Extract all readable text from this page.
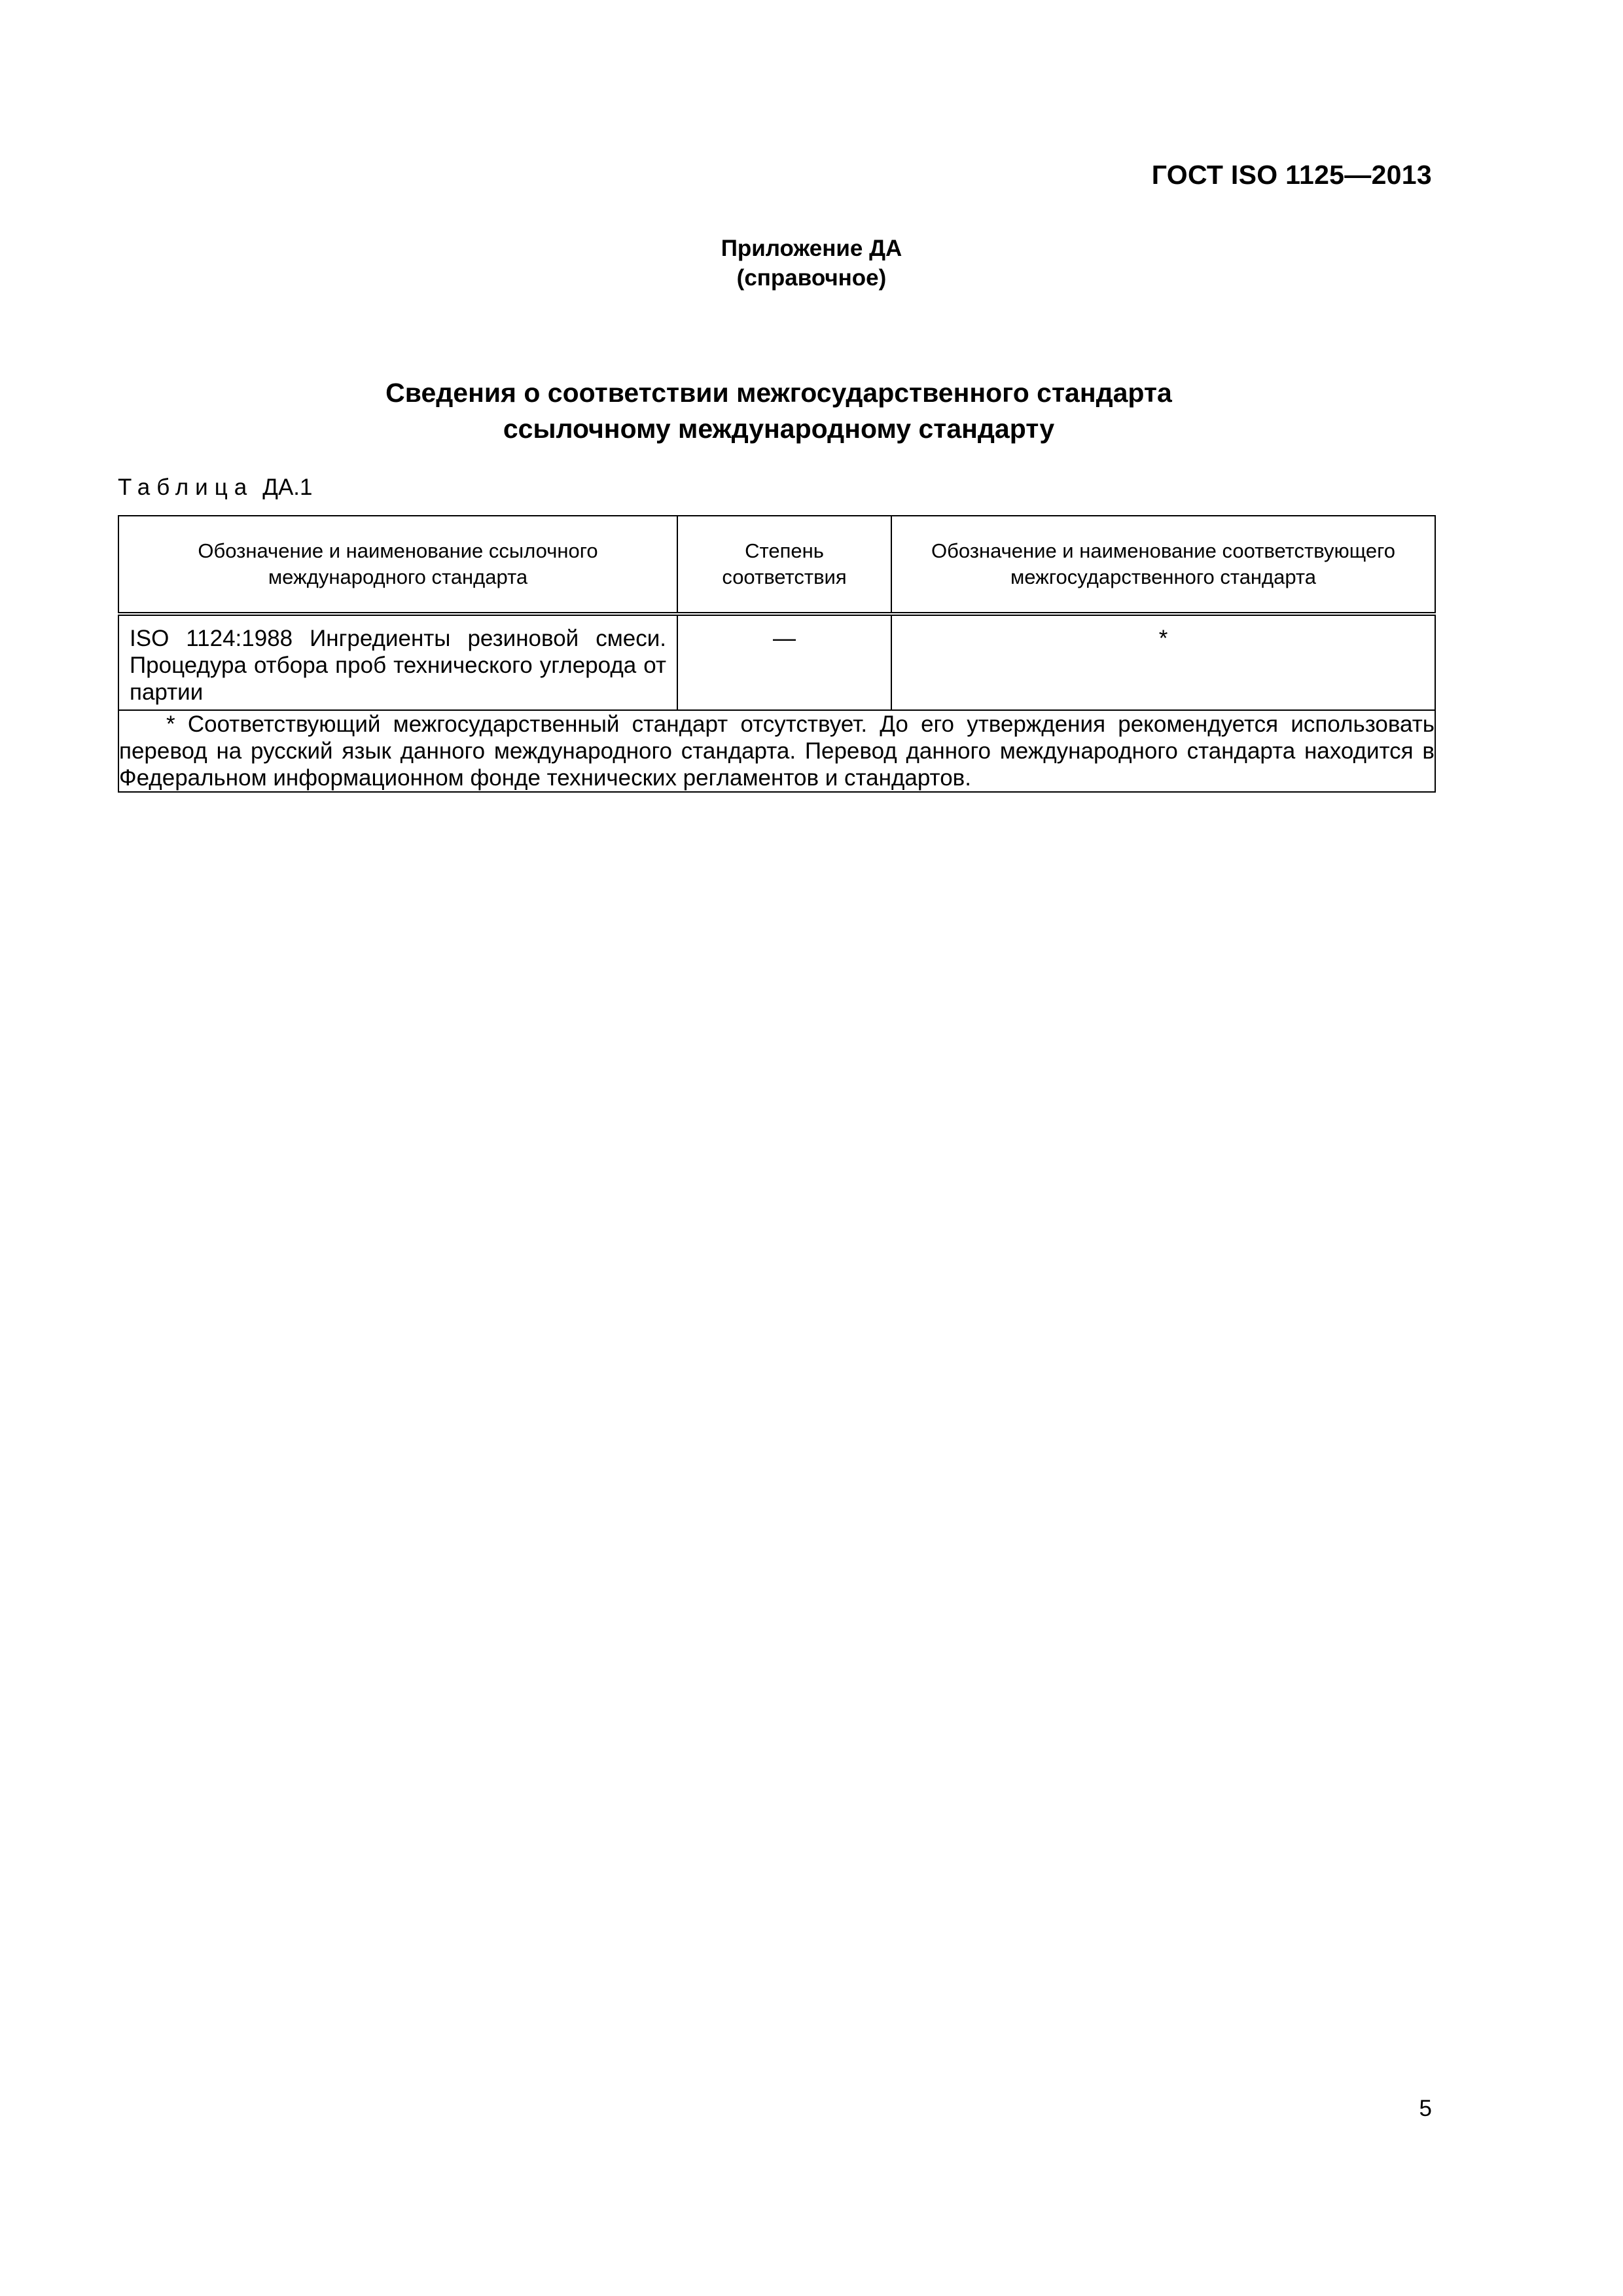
ГОСТ ISO 1125—2013
Приложение ДА
(справочное)
Сведения о соответствии межгосударственного стандарта
ссылочному международному стандарту
Таблица ДА.1
Обозначение и наименование ссылочного международного стандарта	Степень соответствия	Обозначение и наименование соответствующего межгосударственного стандарта
ISO 1124:1988 Ингредиенты резиновой смеси. Процедура отбора проб технического углерода от партии	—	*
* Соответствующий межгосударственный стандарт отсутствует. До его утверждения рекомендуется использовать перевод на русский язык данного международного стандарта. Перевод данного международного стандарта находится в Федеральном информационном фонде технических регламентов и стандартов.		
5
